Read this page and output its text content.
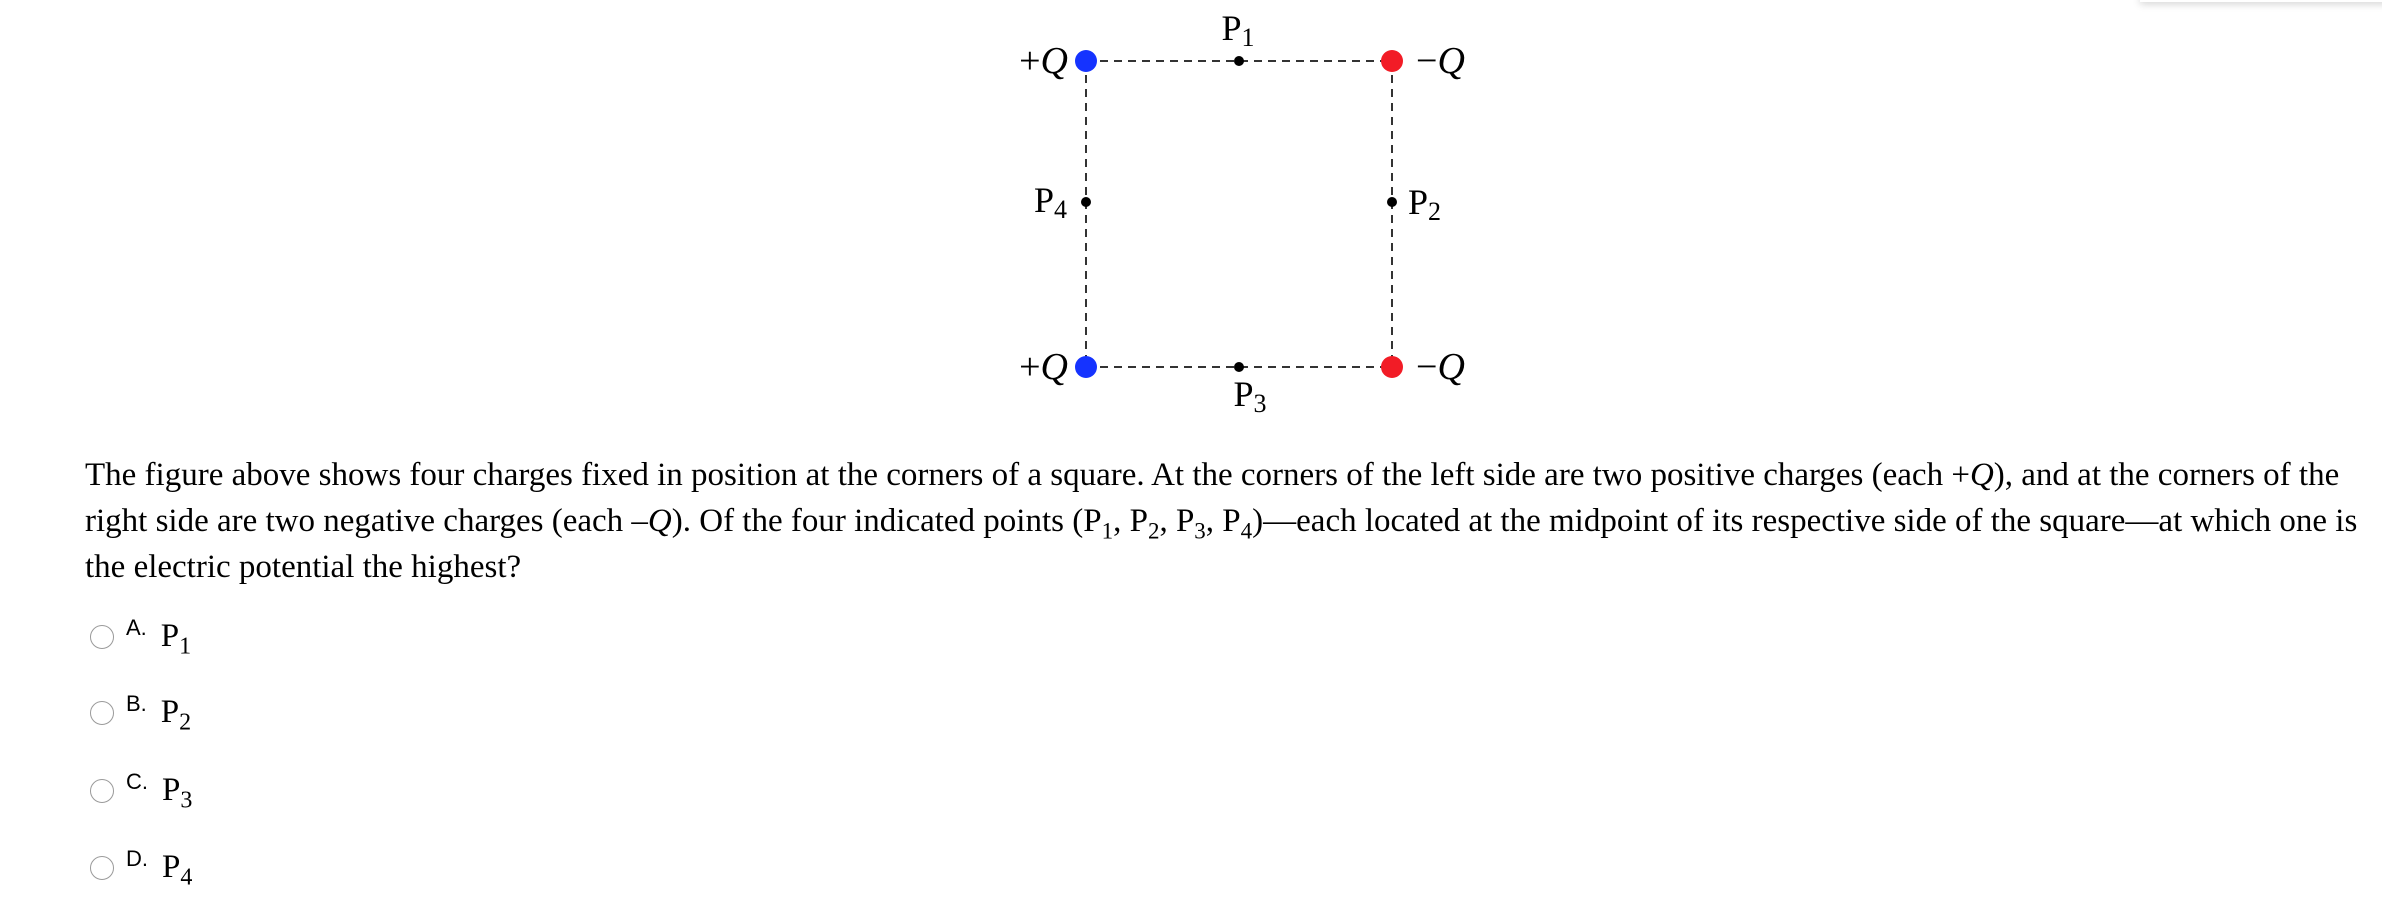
+Q	−Q
+Q	−Q
P1
P2
P3
P4
The figure above shows four charges fixed in position at the corners of a square. At the corners of the left side are two positive charges (each +Q), and at the corners of the right side are two negative charges (each –Q). Of the four indicated points ($P_1$, $P_2$, $P_3$, $P_4)—each$ located at the midpoint of its respective side of the square—at which one is the electric potential the highest?
A. $P_1$
B. $P_2$
C. $P_3$
D. $P_4$
